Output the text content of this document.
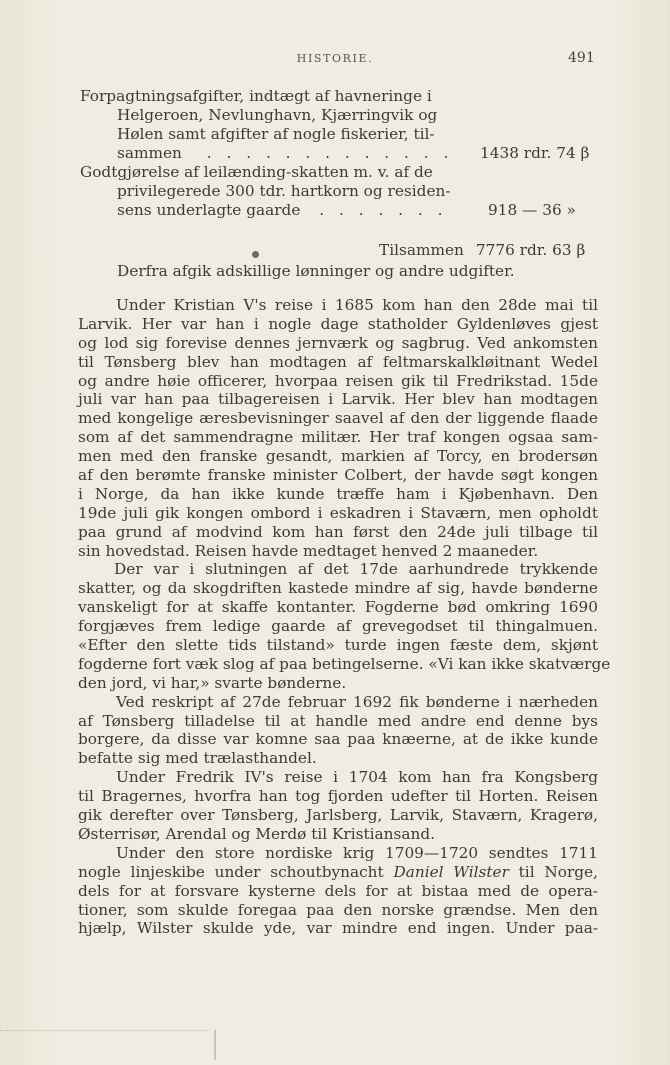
HISTORIE.	491
Forpagtningsafgifter, indtægt af havneringe i
Helgeroen, Nevlunghavn, Kjærringvik og
Hølen samt afgifter af nogle fiskerier, til-
sammen . . . . . . . . . . . . . 1438 rdr. 74 β
Godtgjørelse af leilænding-skatten m. v. af de
privilegerede 300 tdr. hartkorn og residen-
sens underlagte gaarde . . . . . . .	918 — 36 »
Tilsammen 7776 rdr. 63 β
Derfra afgik adskillige lønninger og andre udgifter.
Under Kristian V's reise i 1685 kom han den 28de mai til
Larvik. Her var han i nogle dage statholder Gyldenløves gjest
og lod sig forevise dennes jernværk og sagbrug. Ved ankomsten
til Tønsberg blev han modtagen af feltmarskalkløitnant Wedel
og andre høie officerer, hvorpaa reisen gik til Fredrikstad. 15de
juli var han paa tilbagereisen i Larvik. Her blev han modtagen
med kongelige æresbevisninger saavel af den der liggende flaade
som af det sammendragne militær. Her traf kongen ogsaa sam-
men med den franske gesandt, markien af Torcy, en brodersøn
af den berømte franske minister Colbert, der havde søgt kongen
i Norge, da han ikke kunde træffe ham i Kjøbenhavn. Den
19de juli gik kongen ombord i eskadren i Staværn, men opholdt
paa grund af modvind kom han først den 24de juli tilbage til
sin hovedstad. Reisen havde medtaget henved 2 maaneder.
Der var i slutningen af det 17de aarhundrede trykkende
skatter, og da skogdriften kastede mindre af sig, havde bønderne
vanskeligt for at skaffe kontanter. Fogderne bød omkring 1690
forgjæves frem ledige gaarde af grevegodset til thingalmuen.
«Efter den slette tids tilstand» turde ingen fæste dem, skjønt
fogderne fort væk slog af paa betingelserne. «Vi kan ikke skatværge
den jord, vi har,» svarte bønderne.
Ved reskript af 27de februar 1692 fik bønderne i nærheden
af Tønsberg tilladelse til at handle med andre end denne bys
borgere, da disse var komne saa paa knæerne, at de ikke kunde
befatte sig med trælasthandel.
Under Fredrik IV's reise i 1704 kom han fra Kongsberg
til Bragernes, hvorfra han tog fjorden udefter til Horten. Reisen
gik derefter over Tønsberg, Jarlsberg, Larvik, Staværn, Kragerø,
Østerrisør, Arendal og Merdø til Kristiansand.
Under den store nordiske krig 1709—1720 sendtes 1711
nogle linjeskibe under schoutbynacht Daniel Wilster til Norge,
dels for at forsvare kysterne dels for at bistaa med de opera-
tioner, som skulde foregaa paa den norske grændse. Men den
hjælp, Wilster skulde yde, var mindre end ingen. Under paa-
